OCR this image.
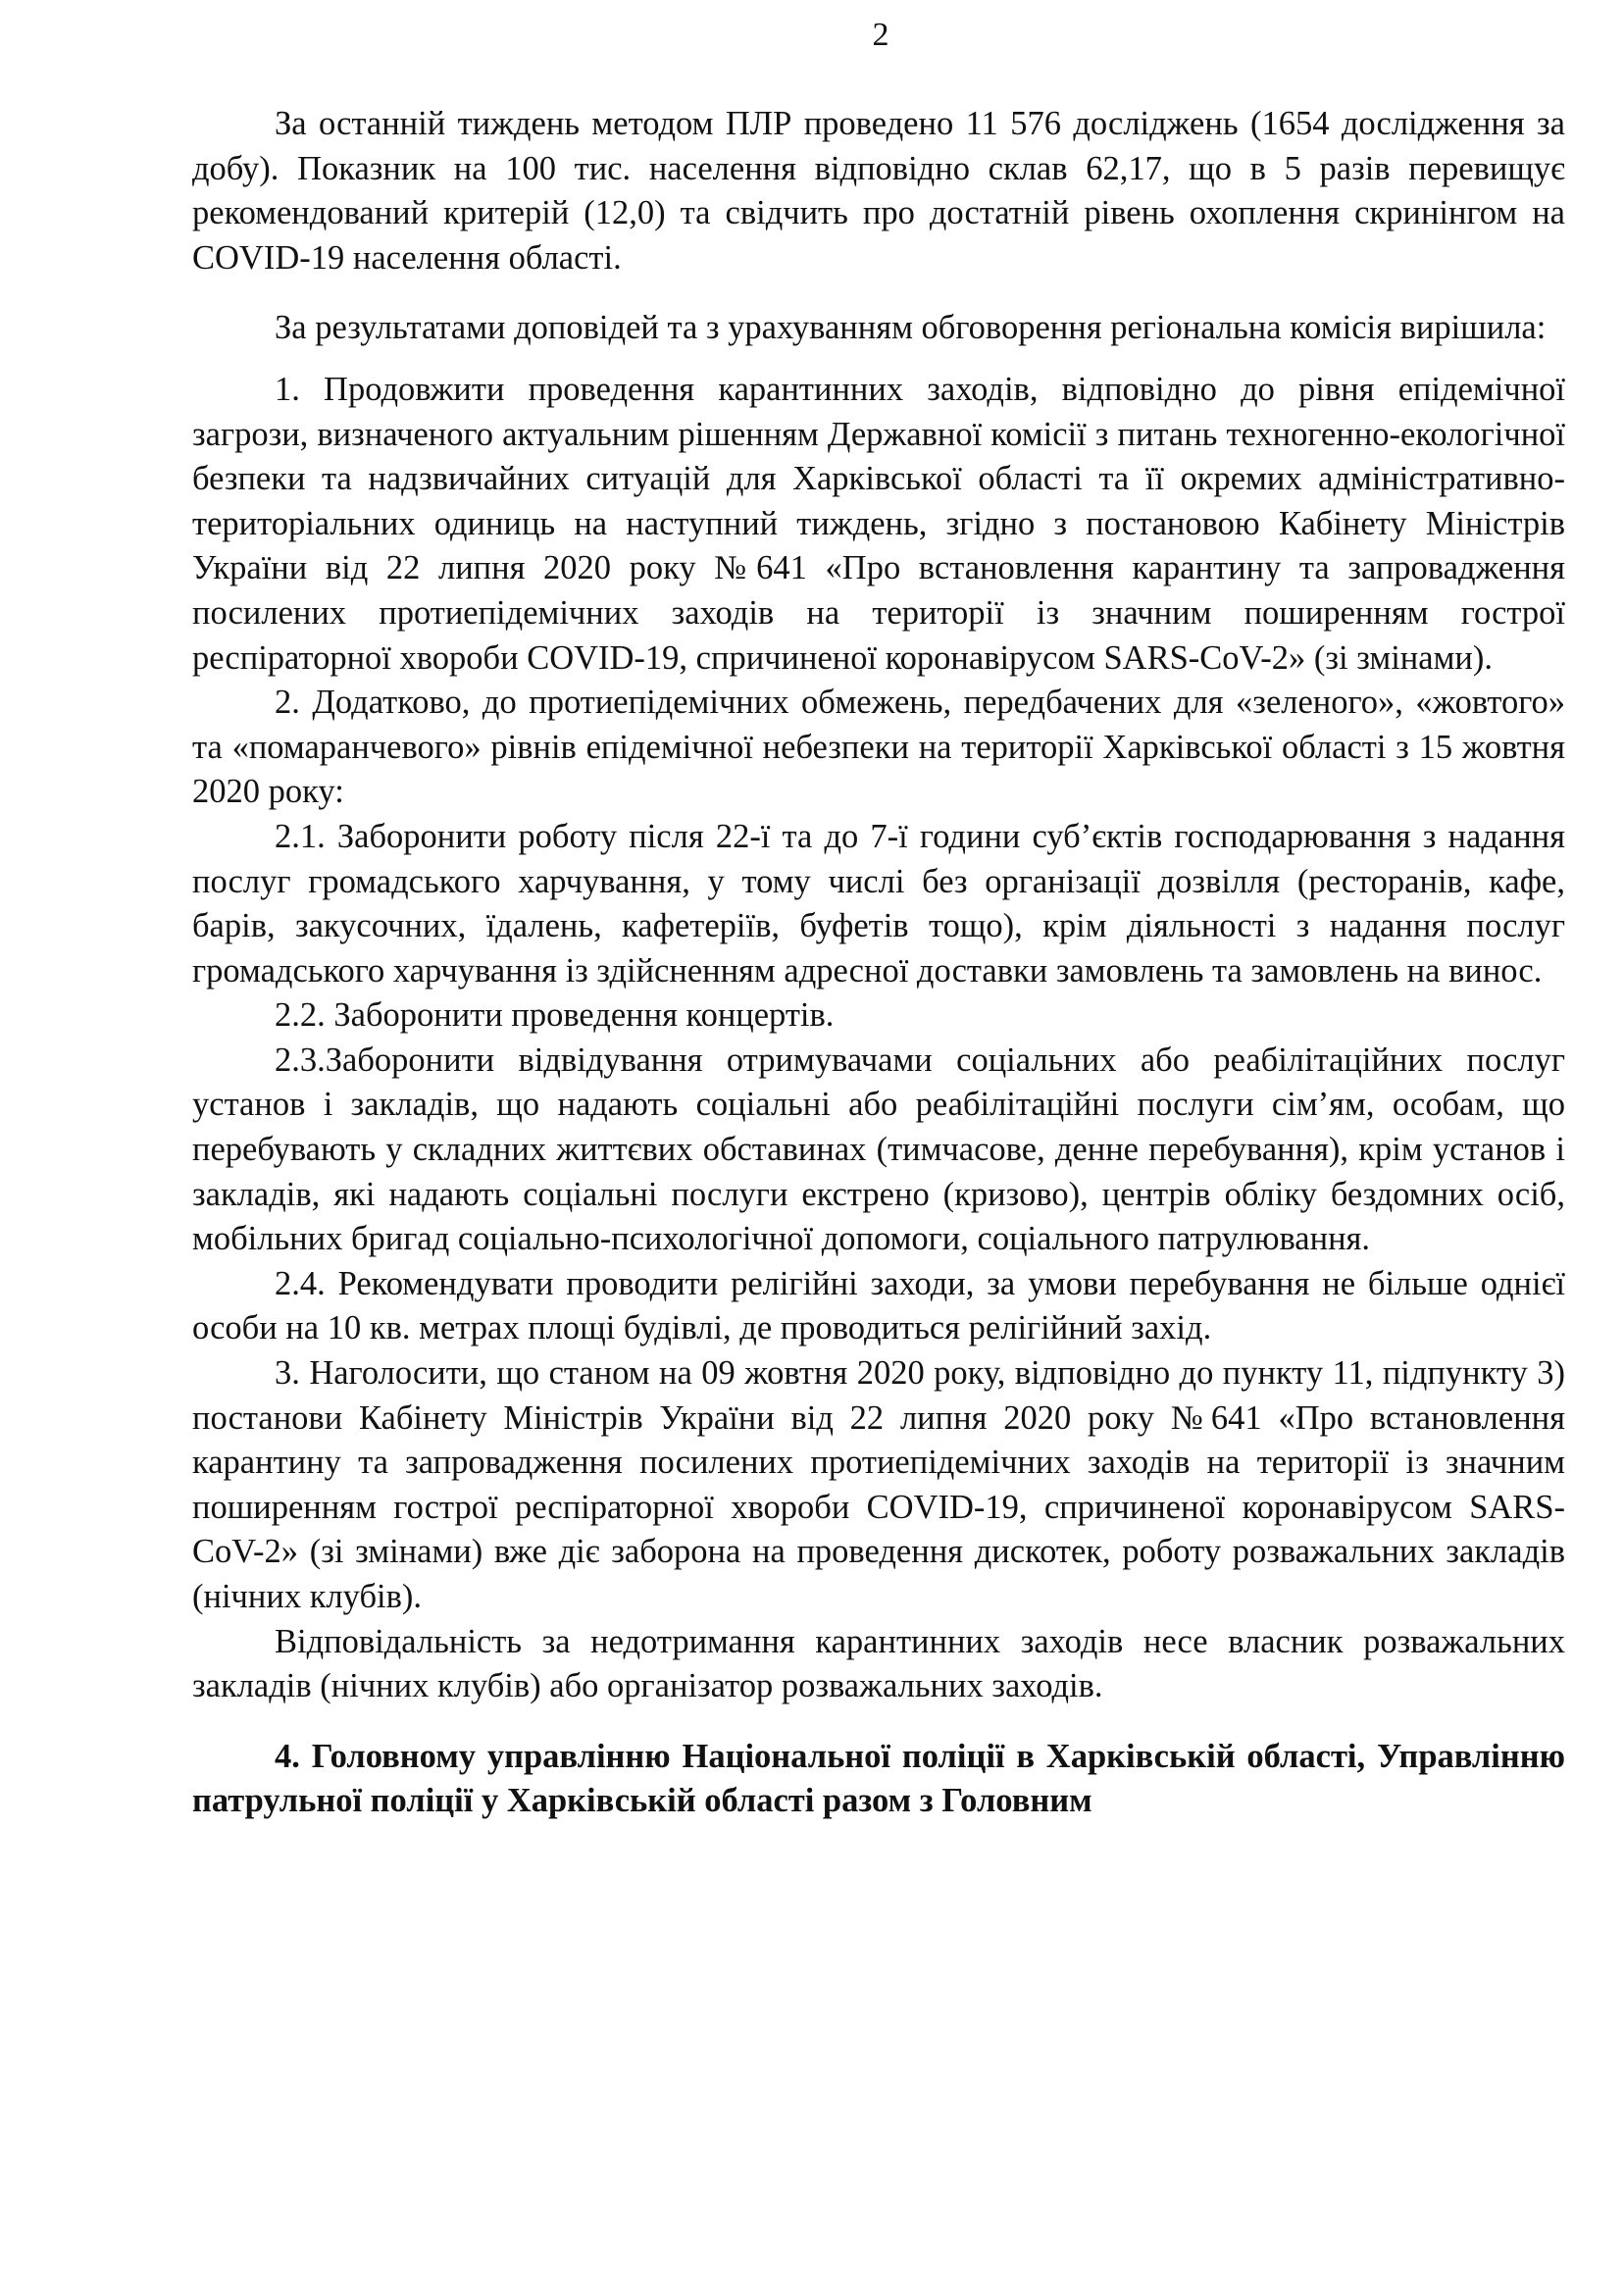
2

За останній тиждень методом ПЛР проведено 11 576 досліджень (1654 дослідження за добу). Показник на 100 тис. населення відповідно склав 62,17, що в 5 разів перевищує рекомендований критерій (12,0) та свідчить про достатній рівень охоплення скринінгом на COVID-19 населення області.

За результатами доповідей та з урахуванням обговорення регіональна комісія вирішила:

1. Продовжити проведення карантинних заходів, відповідно до рівня епідемічної загрози, визначеного актуальним рішенням Державної комісії з питань техногенно-екологічної безпеки та надзвичайних ситуацій для Харківської області та її окремих адміністративно-територіальних одиниць на наступний тиждень, згідно з постановою Кабінету Міністрів України від 22 липня 2020 року №641 «Про встановлення карантину та запровадження посилених протиепідемічних заходів на території із значним поширенням гострої респіраторної хвороби COVID-19, спричиненої коронавірусом SARS-CoV-2» (зі змінами).

2. Додатково, до протиепідемічних обмежень, передбачених для «зеленого», «жовтого» та «помаранчевого» рівнів епідемічної небезпеки на території Харківської області з 15 жовтня 2020 року:

2.1. Заборонити роботу після 22-ї та до 7-ї години суб’єктів господарювання з надання послуг громадського харчування, у тому числі без організації дозвілля (ресторанів, кафе, барів, закусочних, їдалень, кафетеріїв, буфетів тощо), крім діяльності з надання послуг громадського харчування із здійсненням адресної доставки замовлень та замовлень на винос.

2.2. Заборонити проведення концертів.

2.3.Заборонити відвідування отримувачами соціальних або реабілітаційних послуг установ і закладів, що надають соціальні або реабілітаційні послуги сім’ям, особам, що перебувають у складних життєвих обставинах (тимчасове, денне перебування), крім установ і закладів, які надають соціальні послуги екстрено (кризово), центрів обліку бездомних осіб, мобільних бригад соціально-психологічної допомоги, соціального патрулювання.

2.4. Рекомендувати проводити релігійні заходи, за умови перебування не більше однієї особи на 10 кв. метрах площі будівлі, де проводиться релігійний захід.

3. Наголосити, що станом на 09 жовтня 2020 року, відповідно до пункту 11, підпункту 3) постанови Кабінету Міністрів України від 22 липня 2020 року №641 «Про встановлення карантину та запровадження посилених протиепідемічних заходів на території із значним поширенням гострої респіраторної хвороби COVID-19, спричиненої коронавірусом SARS-CoV-2» (зі змінами) вже діє заборона на проведення дискотек, роботу розважальних закладів (нічних клубів).

Відповідальність за недотримання карантинних заходів несе власник розважальних закладів (нічних клубів) або організатор розважальних заходів.

4. Головному управлінню Національної поліції в Харківській області, Управлінню патрульної поліції у Харківській області разом з Головним
